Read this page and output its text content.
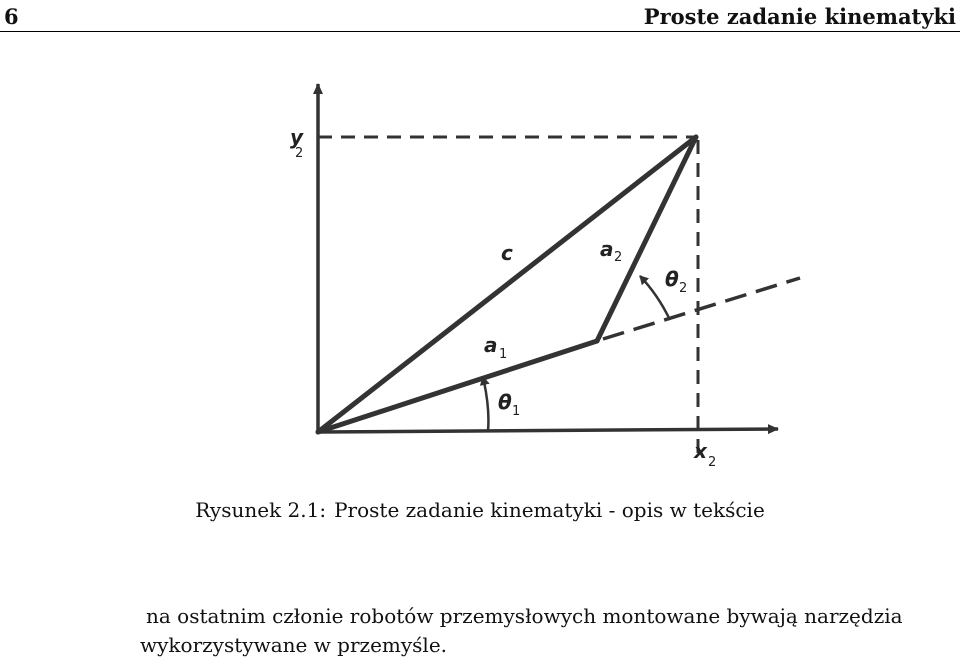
6	Proste zadanie kinematyki
y
2
x 2
c	a 2
a 1
θ 1
θ 2
Rysunek 2.1: Proste zadanie kinematyki - opis w tekście
na ostatnim członie robotów przemysłowych montowane bywają narzędzia
wykorzystywane w przemyśle.
